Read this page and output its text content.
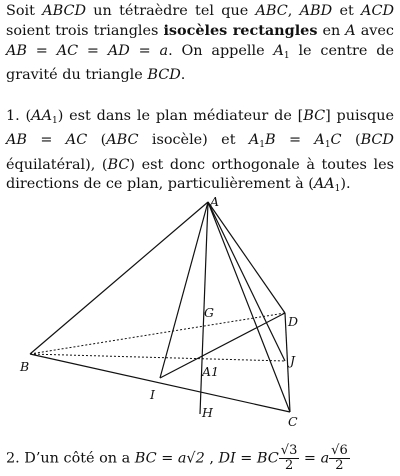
Soit ABCD un tétraèdre tel que ABC, ABD et ACD soient trois triangles isocèles rectangles en A avec AB = AC = AD = a. On appelle $A_1$ le centre de gravité du triangle BCD.
1. $(AA_1)$ est dans le plan médiateur de [BC] puisque AB = AC (ABC isocèle) et $A_1B = A_1C$ (BCD équilatéral), (BC) est donc orthogonale à toutes les directions de ce plan, particulièrement à $(AA_1)$.
A
B
C
D
G
J
A1
I
H
2. D’un côté on a BC = a√2 , DI = BC $\frac{√3}{2} = a \frac{√6}{2}$
